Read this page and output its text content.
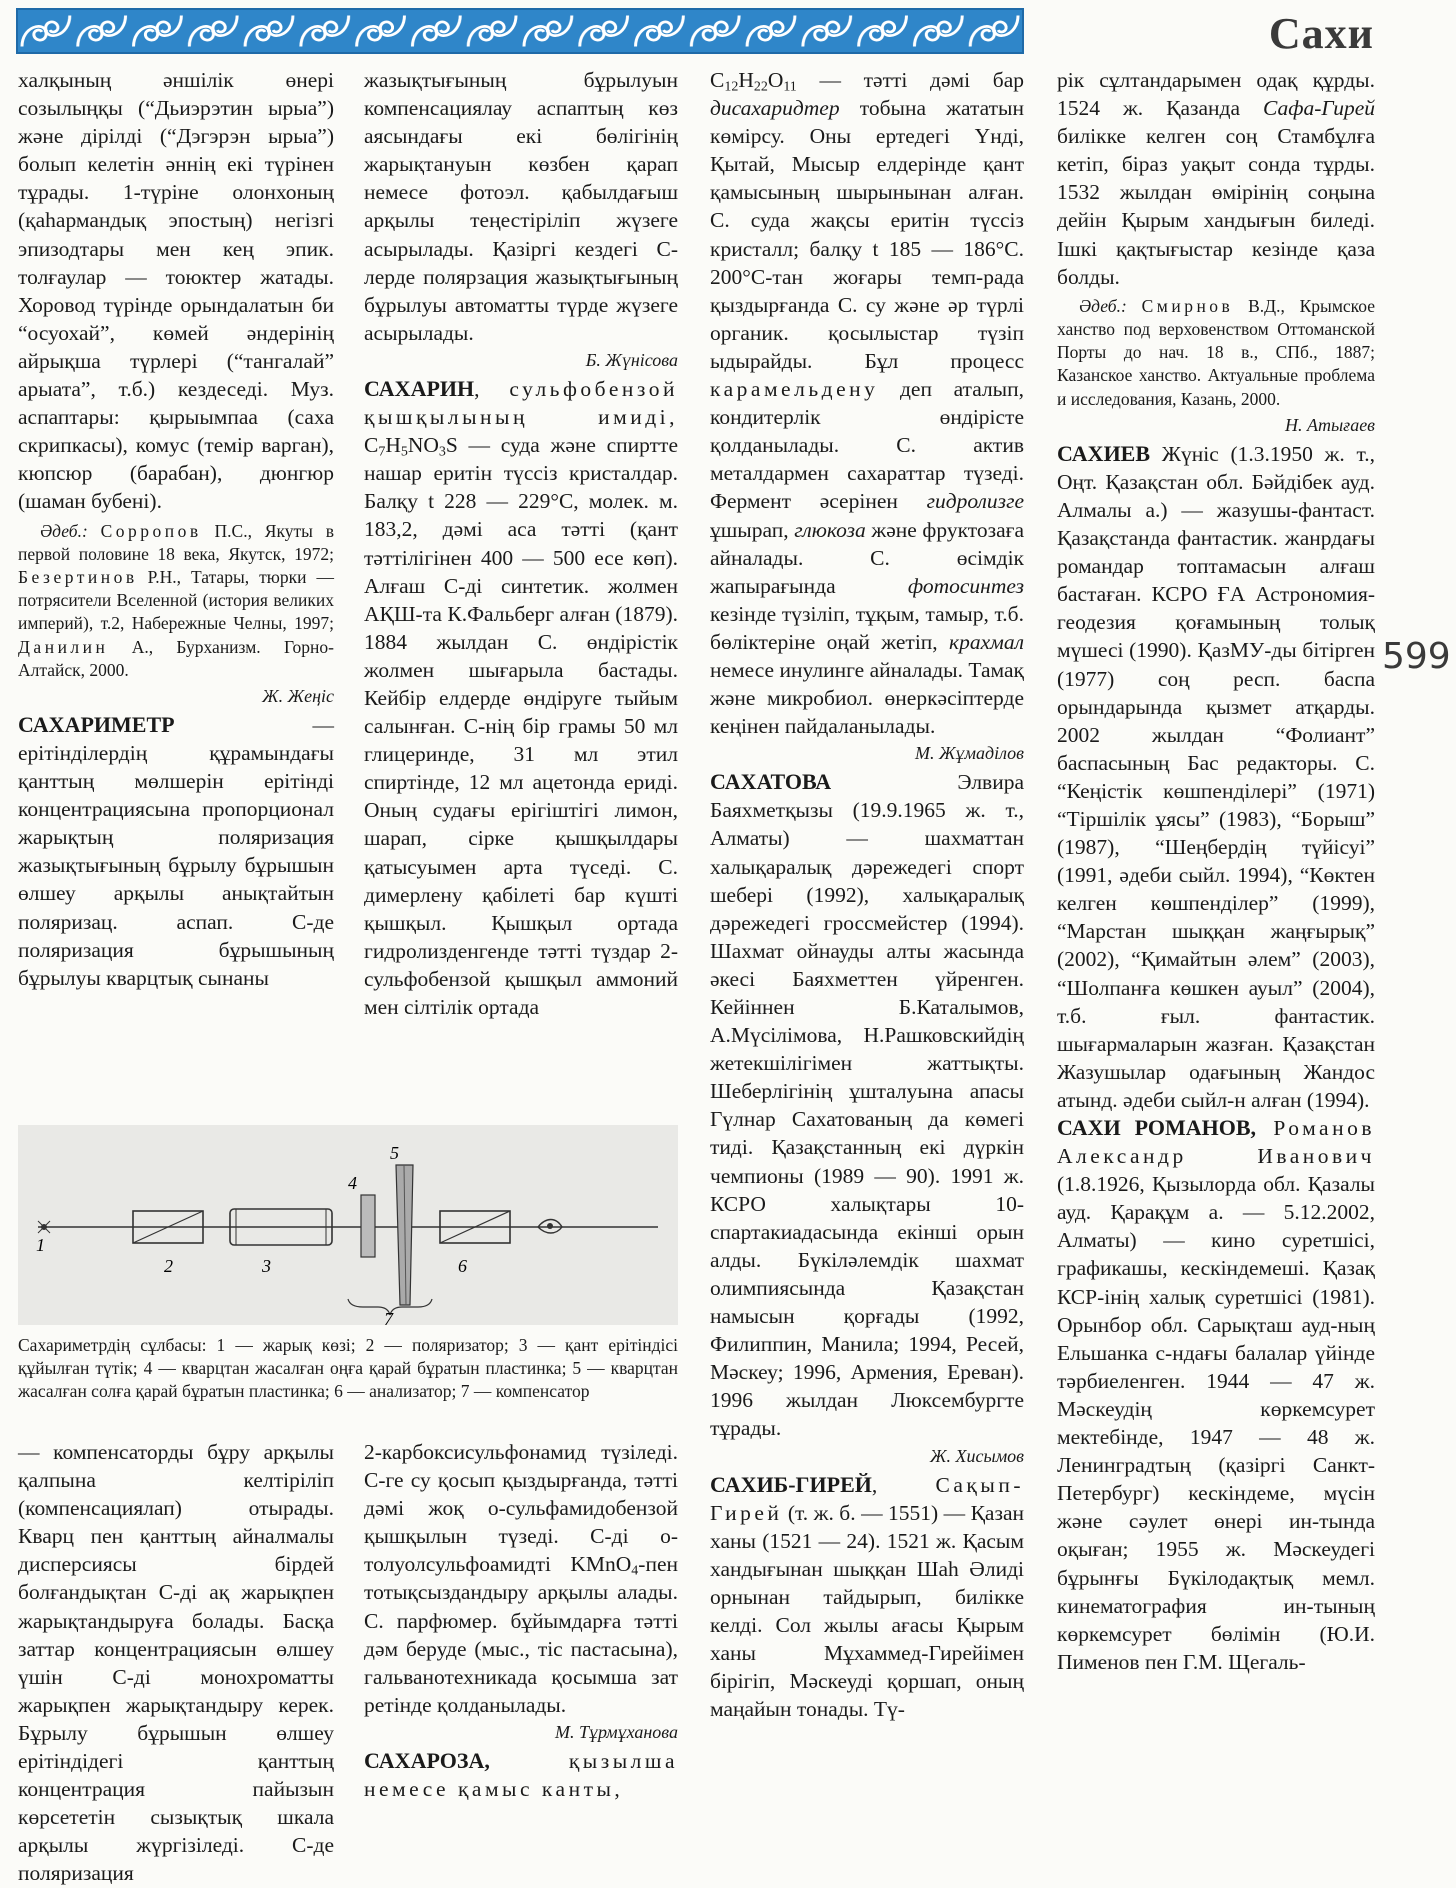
Сахи
599

халқының әншілік өнері созылыңқы (“Дьиэрэтин ырыа”) және дірілді (“Дэгэрэн ырыа”) болып келетін әннің екі түрінен тұрады. 1-түріне олонхоның (қаһармандық эпостың) негізгі эпизодтары мен кең эпик. толғаулар — тоюктер жатады. Хоровод түрінде орындалатын би “осуохай”, көмей әндерінің айрықша түрлері (“тангалай” арыата”, т.б.) кездеседі. Муз. аспаптары: қырыымпаа (саха скрипкасы), комус (темір варган), кюпсюр (барабан), дюнгюр (шаман бубені).

Әдеб.: Сорропов П.С., Якуты в первой половине 18 века, Якутск, 1972; Безертинов Р.Н., Татары, тюрки — потрясители Вселенной (история великих империй), т.2, Набережные Челны, 1997; Данилин А., Бурханизм. Горно-Алтайск, 2000.

Ж. Жеңіс

САХАРИМЕТР — ерітінділердің құрамындағы қанттың мөлшерін ерітінді концентрациясына пропорционал жарықтың поляризация жазықтығының бұрылу бұрышын өлшеу арқылы анықтайтын поляризац. аспап. С-де поляризация бұрышының бұрылуы кварцтық сынаны

жазықтығының бұрылуын компенсациялау аспаптың көз аясындағы екі бөлігінің жарықтануын көзбен қарап немесе фотоэл. қабылдағыш арқылы теңестіріліп жүзеге асырылады. Қазіргі кездегі С-лерде полярзация жазықтығының бұрылуы автоматты түрде жүзеге асырылады.

Б. Жүнісова

САХАРИН, сульфобензой қышқылының имиді, $C_7H_5NO_3S$ — суда және спиртте нашар еритін түссіз кристалдар. Балқу t 228 — 229°С, молек. м. 183,2, дәмі аса тәтті (қант тәттілігінен 400 — 500 есе көп). Алғаш С-ді синтетик. жолмен АҚШ-та К.Фальберг алған (1879). 1884 жылдан С. өндірістік жолмен шығарыла бастады. Кейбір елдерде өндіруге тыйым салынған. С-нің бір грамы 50 мл глицеринде, 31 мл этил спиртінде, 12 мл ацетонда ериді. Оның судағы ерігіштігі лимон, шарап, сірке қышқылдары қатысуымен арта түседі. С. димерлену қабілеті бар күшті қышқыл. Қышқыл ортада гидролизденгенде тәтті түздар 2-сульфобензой қышқыл аммоний мен сілтілік ортада

1
2	3
4
5
6
7
Сахариметрдің сұлбасы: 1 — жарық көзі; 2 — поляризатор; 3 — қант ерітіндісі құйылған түтік; 4 — кварцтан жасалған оңға қарай бұратын пластинка; 5 — кварцтан жасалған солға қарай бұратын пластинка; 6 — анализатор; 7 — компенсатор

— компенсаторды бұру арқылы қалпына келтіріліп (компенсациялап) отырады. Кварц пен қанттың айналмалы дисперсиясы бірдей болғандықтан С-ді ақ жарықпен жарықтандыруға болады. Басқа заттар концентрациясын өлшеу үшін С-ді монохроматты жарықпен жарықтандыру керек. Бұрылу бұрышын өлшеу ерітіндідегі қанттың концентрация пайызын көрсететін сызықтық шкала арқылы жүргізіледі. С-де поляризация

2-карбоксисульфонамид түзіледі. С-ге су қосып қыздырғанда, тәтті дәмі жоқ о-сульфамидобензой қышқылын түзеді. С-ді о-толуолсульфоамидті KMnO$_4$-пен тотықсыздандыру арқылы алады. С. парфюмер. бұйымдарға тәтті дәм беруде (мыс., тіс пастасына), гальванотехникада қосымша зат ретінде қолданылады.

М. Тұрмұханова

САХАРОЗА, қызылша немесе қамыс канты,

$C_{12}H_{22}O_{11}$ — тәтті дәмі бар дисахаридтер тобына жататын көмірсу. Оны ертедегі Үнді, Қытай, Мысыр елдерінде қант қамысының шырынынан алған. С. суда жақсы еритін түссіз кристалл; балқу t 185 — 186°С. 200°С-тан жоғары темп-рада қыздырғанда С. су және әр түрлі органик. қосылыстар түзіп ыдырайды. Бұл процесс карамельдену деп аталып, кондитерлік өндірісте қолданылады. С. актив металдармен сахараттар түзеді. Фермент әсерінен гидролизге ұшырап, глюкоза және фруктозаға айналады. С. өсімдік жапырағында фотосинтез кезінде түзіліп, тұқым, тамыр, т.б. бөліктеріне оңай жетіп, крахмал немесе инулинге айналады. Тамақ және микробиол. өнеркәсіптерде кеңінен пайдаланылады.

М. Жұмаділов

САХАТОВА Элвира Баяхметқызы (19.9.1965 ж. т., Алматы) — шахматтан халықаралық дәрежедегі спорт шебері (1992), халықаралық дәрежедегі гроссмейстер (1994). Шахмат ойнауды алты жасында әкесі Баяхметтен үйренген. Кейіннен Б.Каталымов, А.Мүсілімова, Н.Рашковскийдің жетекшілігімен жаттықты. Шеберлігінің ұшталуына апасы Гүлнар Сахатованың да көмегі тиді. Қазақстанның екі дүркін чемпионы (1989 — 90). 1991 ж. КСРО халықтары 10-спартакиадасында екінші орын алды. Бүкіләлемдік шахмат олимпиясында Қазақстан намысын қорғады (1992, Филиппин, Манила; 1994, Ресей, Мәскеу; 1996, Армения, Ереван). 1996 жылдан Люксембургте тұрады.

Ж. Хисымов

САХИБ-ГИРЕЙ, Сақып-Гирей (т. ж. б. — 1551) — Қазан ханы (1521 — 24). 1521 ж. Қасым хандығынан шыққан Шаһ Әлиді орнынан тайдырып, билікке келді. Сол жылы ағасы Қырым ханы Мұхаммед-Гирейімен бірігіп, Мәскеуді қоршап, оның маңайын тонады. Тү-

рік сұлтандарымен одақ құрды. 1524 ж. Қазанда Сафа-Гирей билікке келген соң Стамбұлға кетіп, біраз уақыт сонда тұрды. 1532 жылдан өмірінің соңына дейін Қырым хандығын биледі. Ішкі қақтығыстар кезінде қаза болды.

Әдеб.: Смирнов В.Д., Крымское ханство под верховенством Оттоманской Порты до нач. 18 в., СПб., 1887; Казанское ханство. Актуальные проблема и исследования, Казань, 2000.

Н. Атығаев

САХИЕВ Жүніс (1.3.1950 ж. т., Оңт. Қазақстан обл. Бәйдібек ауд. Алмалы а.) — жазушы-фантаст. Қазақстанда фантастик. жанрдағы романдар топтамасын алғаш бастаған. КСРО ҒА Астрономия-геодезия қоғамының толық мүшесі (1990). ҚазМУ-ды бітірген (1977) соң респ. баспа орындарында қызмет атқарды. 2002 жылдан “Фолиант” баспасының Бас редакторы. С. “Кеңістік көшпенділері” (1971) “Тіршілік ұясы” (1983), “Борыш” (1987), “Шеңбердің түйісуі” (1991, әдеби сыйл. 1994), “Көктен келген көшпенділер” (1999), “Марстан шыққан жаңғырық” (2002), “Қимайтын әлем” (2003), “Шолпанға көшкен ауыл” (2004), т.б. ғыл. фантастик. шығармаларын жазған. Қазақстан Жазушылар одағының Жандос атынд. әдеби сыйл-н алған (1994).

САХИ РОМАНОВ, Романов Александр Иванович (1.8.1926, Қызылорда обл. Қазалы ауд. Қарақұм а. — 5.12.2002, Алматы) — кино суретшісі, графикашы, кескіндемеші. Қазақ КСР-інің халық суретшісі (1981). Орынбор обл. Сарықташ ауд-ның Ельшанка с-ндағы балалар үйінде тәрбиеленген. 1944 — 47 ж. Мәскеудің көркемсурет мектебінде, 1947 — 48 ж. Ленинградтың (қазіргі Санкт-Петербург) кескіндеме, мүсін және сәулет өнері ин-тында оқыған; 1955 ж. Мәскеудегі бұрынғы Бүкілодақтық мемл. кинематография ин-тының көркемсурет бөлімін (Ю.И. Пименов пен Г.М. Щегаль-
